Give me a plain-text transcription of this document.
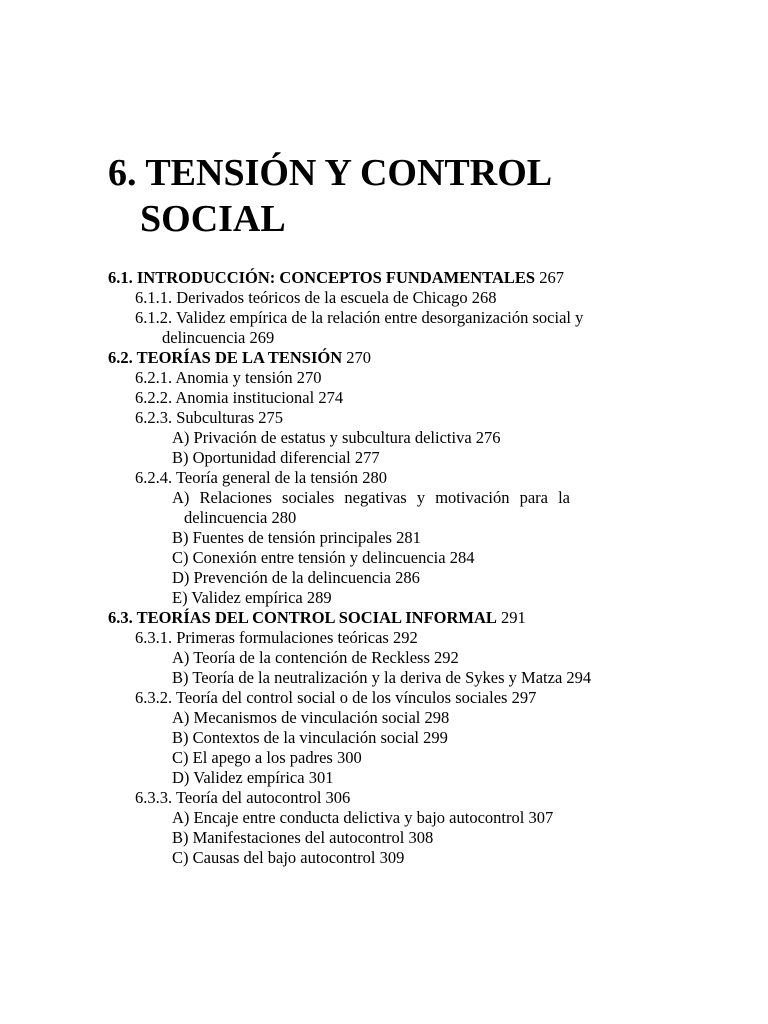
6. TENSIÓN Y CONTROL
SOCIAL
6.1. INTRODUCCIÓN: CONCEPTOS FUNDAMENTALES 267
6.1.1. Derivados teóricos de la escuela de Chicago 268
6.1.2. Validez empírica de la relación entre desorganización social y
delincuencia 269
6.2. TEORÍAS DE LA TENSIÓN 270
6.2.1. Anomia y tensión 270
6.2.2. Anomia institucional 274
6.2.3. Subculturas 275
A) Privación de estatus y subcultura delictiva 276
B) Oportunidad diferencial 277
6.2.4. Teoría general de la tensión 280
A) Relaciones sociales negativas y motivación para la
delincuencia 280
B) Fuentes de tensión principales 281
C) Conexión entre tensión y delincuencia 284
D) Prevención de la delincuencia 286
E) Validez empírica 289
6.3. TEORÍAS DEL CONTROL SOCIAL INFORMAL 291
6.3.1. Primeras formulaciones teóricas 292
A) Teoría de la contención de Reckless 292
B) Teoría de la neutralización y la deriva de Sykes y Matza 294
6.3.2. Teoría del control social o de los vínculos sociales 297
A) Mecanismos de vinculación social 298
B) Contextos de la vinculación social 299
C) El apego a los padres 300
D) Validez empírica 301
6.3.3. Teoría del autocontrol 306
A) Encaje entre conducta delictiva y bajo autocontrol 307
B) Manifestaciones del autocontrol 308
C) Causas del bajo autocontrol 309
